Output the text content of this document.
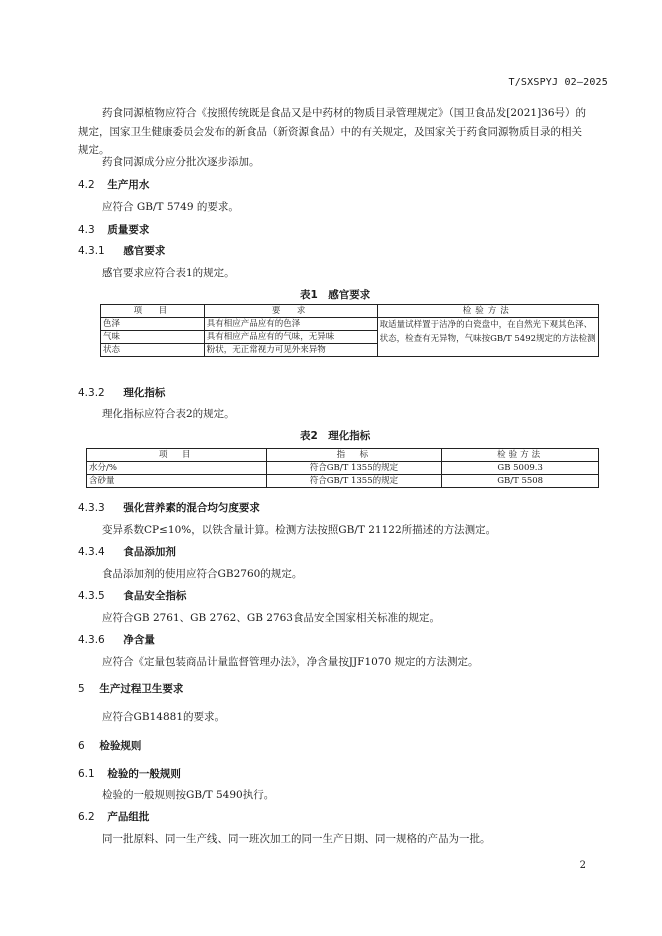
T/SXSPYJ 02—2025
药食同源植物应符合《按照传统既是食品又是中药材的物质目录管理规定》（国卫食品发[2021]36号）的规定，国家卫生健康委员会发布的新食品（新资源食品）中的有关规定，及国家关于药食同源物质目录的相关规定。
药食同源成分应分批次逐步添加。
4.2 生产用水
应符合 GB/T 5749 的要求。
4.3 质量要求
4.3.1 感官要求
感官要求应符合表1的规定。
表1　感官要求
项　目	要　求	检验方法
色泽	具有相应产品应有的色泽	取适量试样置于洁净的白瓷盘中，在自然光下观其色泽、状态，检查有无异物，气味按GB/T 5492规定的方法检测
气味	具有相应产品应有的气味，无异味	
状态	粉状，无正常视力可见外来异物	
4.3.2 理化指标
理化指标应符合表2的规定。
表2　理化指标
项　目	指　标	检验方法
水分/%	符合GB/T 1355的规定	GB 5009.3
含砂量	符合GB/T 1355的规定	GB/T 5508
4.3.3 强化营养素的混合均匀度要求
变异系数CP≤10%，以铁含量计算。检测方法按照GB/T 21122所描述的方法测定。
4.3.4 食品添加剂
食品添加剂的使用应符合GB2760的规定。
4.3.5 食品安全指标
应符合GB 2761、GB 2762、GB 2763食品安全国家相关标准的规定。
4.3.6 净含量
应符合《定量包装商品计量监督管理办法》，净含量按JJF1070 规定的方法测定。
5 生产过程卫生要求
应符合GB14881的要求。
6 检验规则
6.1 检验的一般规则
检验的一般规则按GB/T 5490执行。
6.2 产品组批
同一批原料、同一生产线、同一班次加工的同一生产日期、同一规格的产品为一批。
2
